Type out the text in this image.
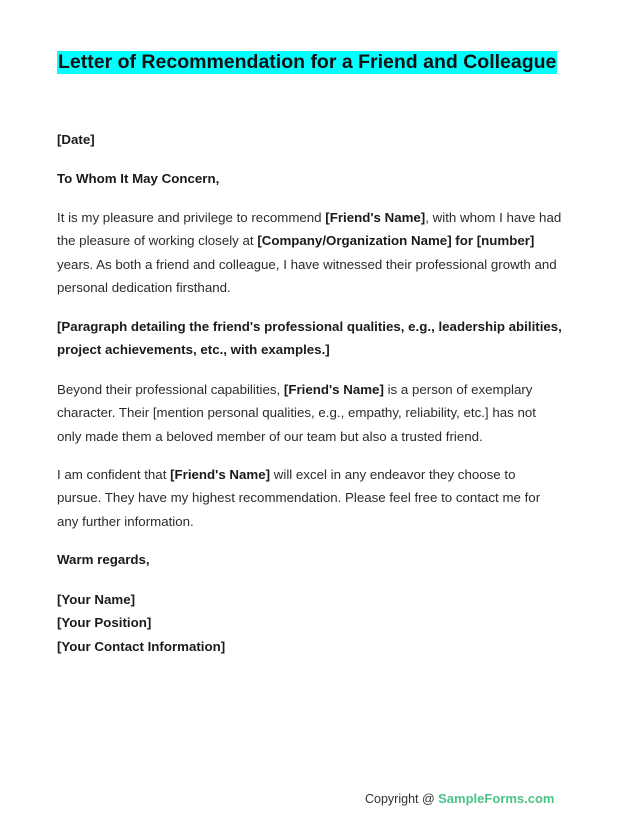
Letter of Recommendation for a Friend and Colleague

[Date]

To Whom It May Concern,

It is my pleasure and privilege to recommend [Friend's Name], with whom I have had the pleasure of working closely at [Company/Organization Name] for [number] years. As both a friend and colleague, I have witnessed their professional growth and personal dedication firsthand.

[Paragraph detailing the friend's professional qualities, e.g., leadership abilities, project achievements, etc., with examples.]

Beyond their professional capabilities, [Friend's Name] is a person of exemplary character. Their [mention personal qualities, e.g., empathy, reliability, etc.] has not only made them a beloved member of our team but also a trusted friend.

I am confident that [Friend's Name] will excel in any endeavor they choose to pursue. They have my highest recommendation. Please feel free to contact me for any further information.

Warm regards,

[Your Name]
[Your Position]
[Your Contact Information]

Copyright @ SampleForms.com
